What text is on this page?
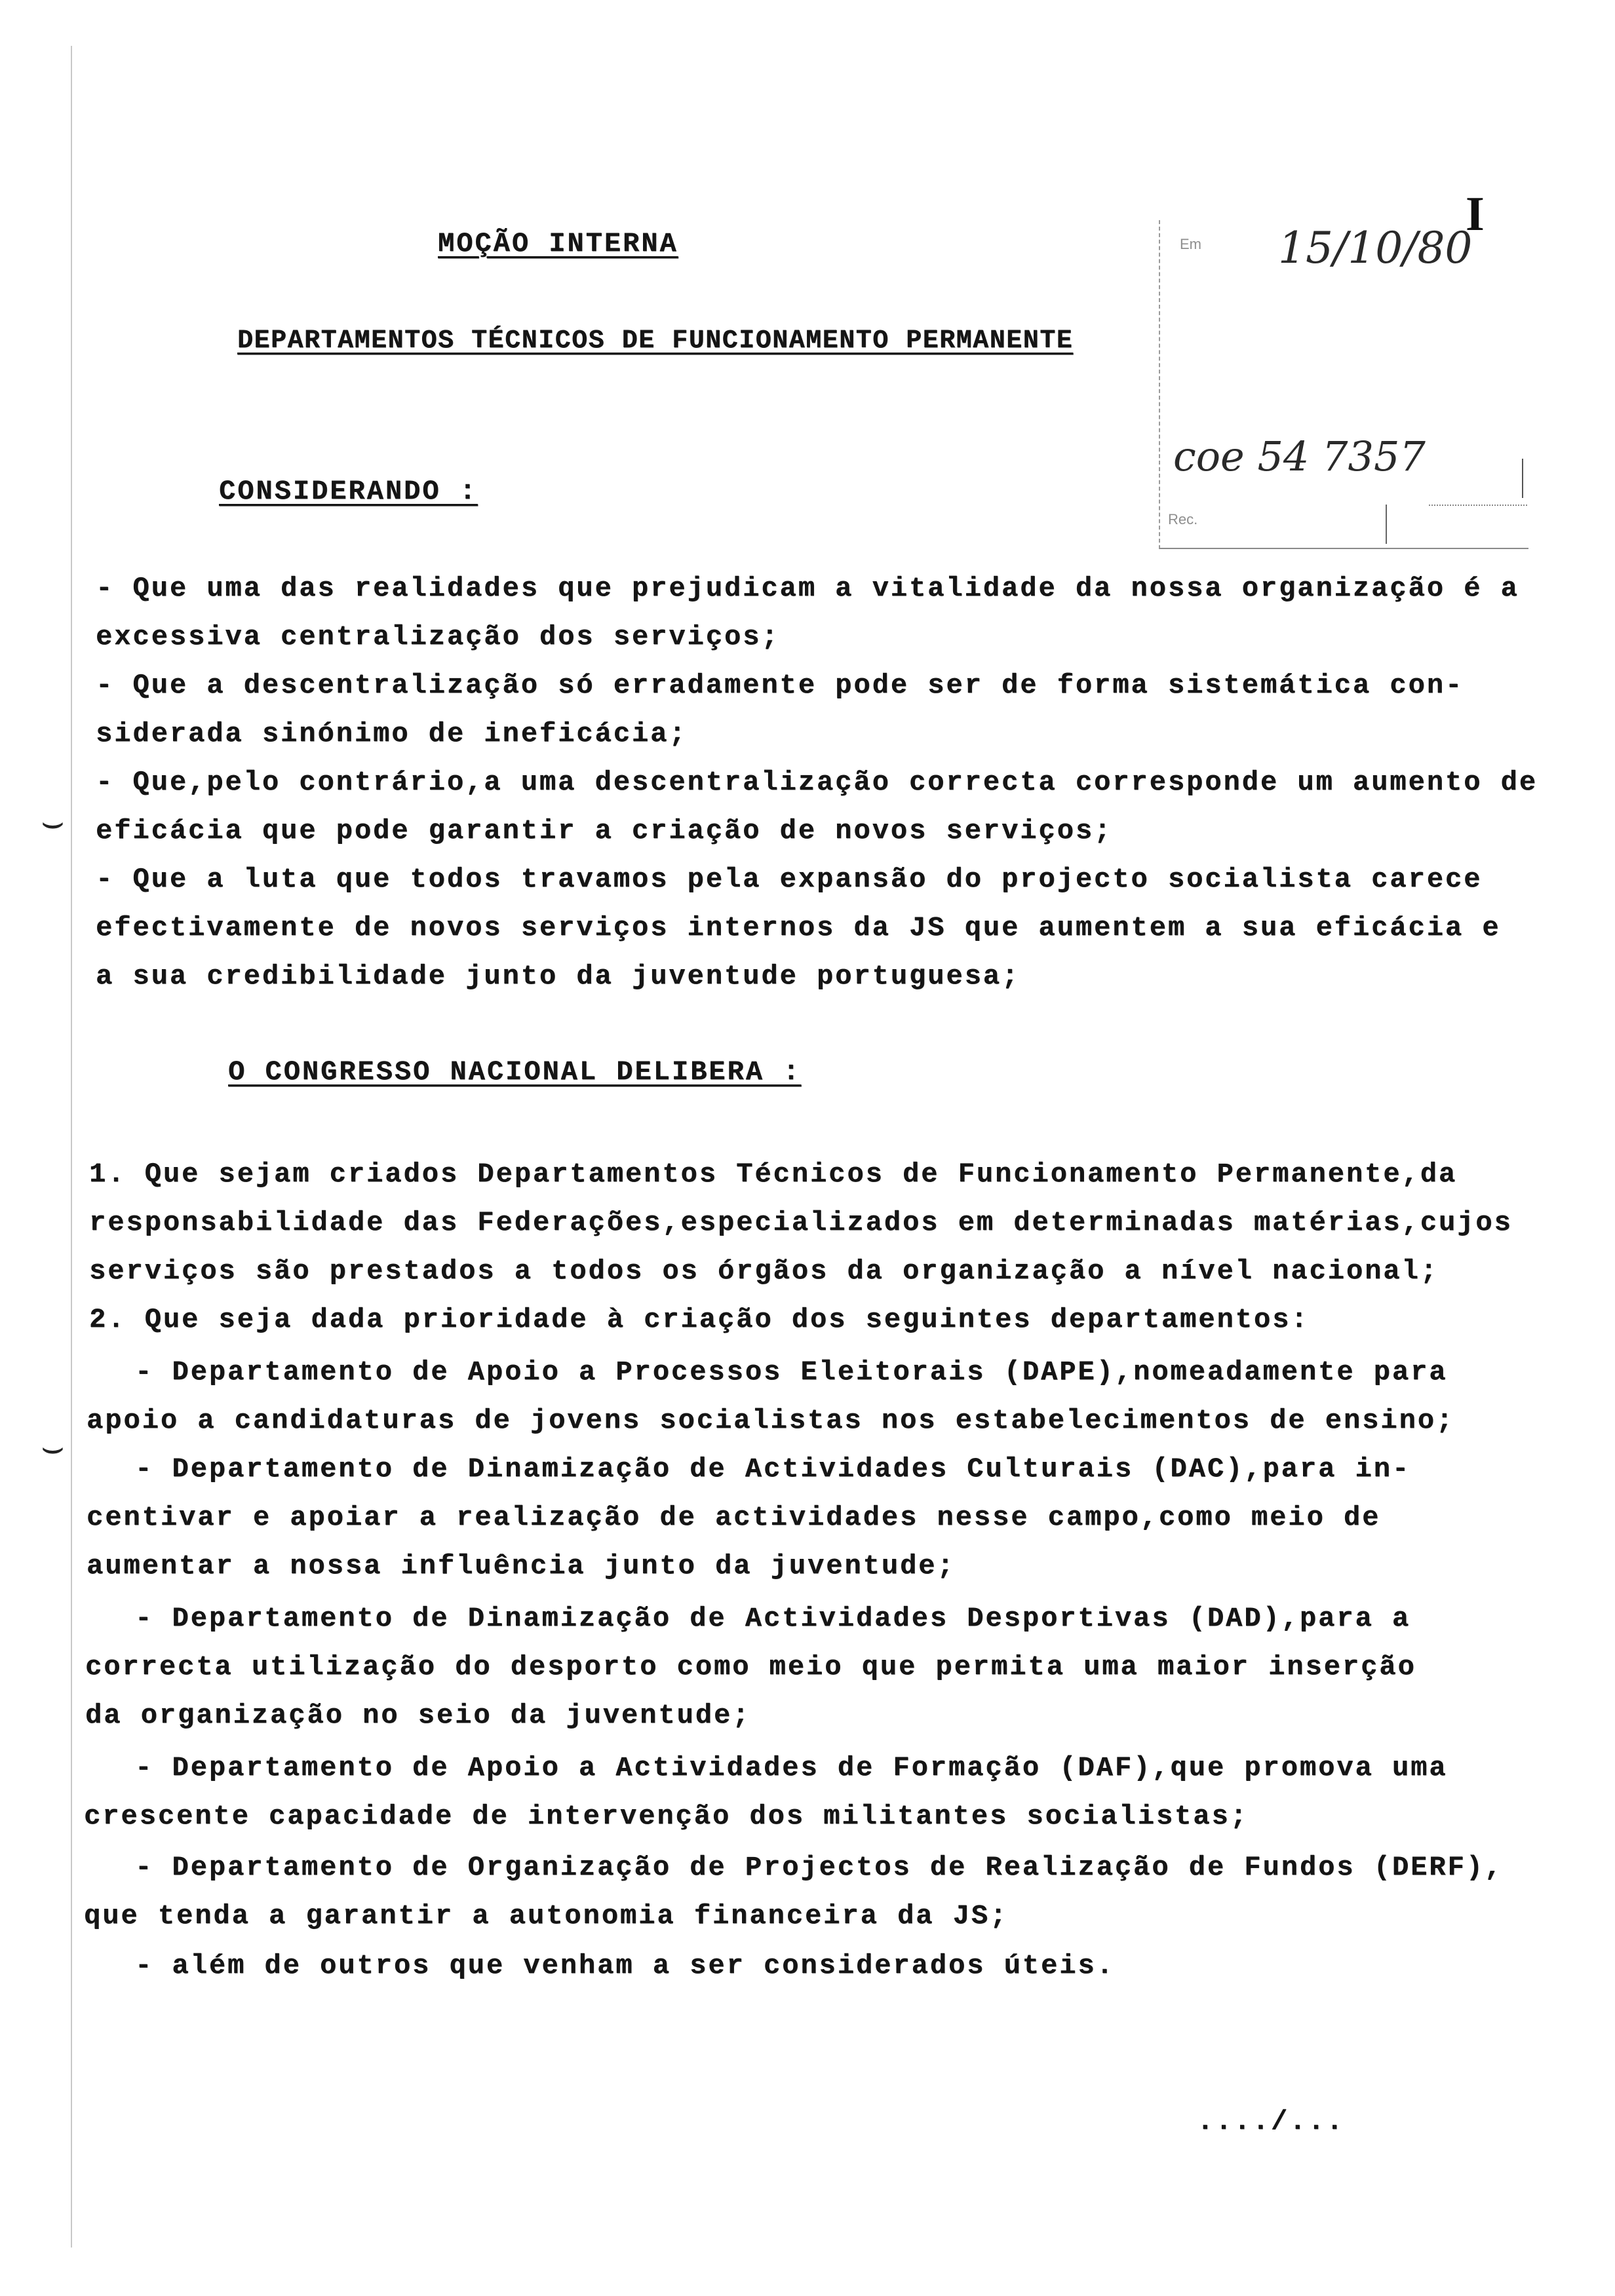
I
Em 15/10/80
coe 54 7357
Rec.
MOÇÃO INTERNA
DEPARTAMENTOS TÉCNICOS DE FUNCIONAMENTO PERMANENTE
CONSIDERANDO :
- Que uma das realidades que prejudicam a vitalidade da nossa organização é a
excessiva centralização dos serviços;
- Que a descentralização só erradamente pode ser de forma sistemática con-
siderada sinónimo de ineficácia;
- Que,pelo contrário,a uma descentralização correcta corresponde um aumento de
eficácia que pode garantir a criação de novos serviços;
- Que a luta que todos travamos pela expansão do projecto socialista carece
efectivamente de novos serviços internos da JS que aumentem a sua eficácia e
a sua credibilidade junto da juventude portuguesa;
⌣
⌣
O CONGRESSO NACIONAL DELIBERA :
1. Que sejam criados Departamentos Técnicos de Funcionamento Permanente,da
responsabilidade das Federações,especializados em determinadas matérias,cujos
serviços são prestados a todos os órgãos da organização a nível nacional;
2. Que seja dada prioridade à criação dos seguintes departamentos:
- Departamento de Apoio a Processos Eleitorais (DAPE),nomeadamente para
apoio a candidaturas de jovens socialistas nos estabelecimentos de ensino;
- Departamento de Dinamização de Actividades Culturais (DAC),para in-
centivar e apoiar a realização de actividades nesse campo,como meio de
aumentar a nossa influência junto da juventude;
- Departamento de Dinamização de Actividades Desportivas (DAD),para a
correcta utilização do desporto como meio que permita uma maior inserção
da organização no seio da juventude;
- Departamento de Apoio a Actividades de Formação (DAF),que promova uma
crescente capacidade de intervenção dos militantes socialistas;
- Departamento de Organização de Projectos de Realização de Fundos (DERF),
que tenda a garantir a autonomia financeira da JS;
- além de outros que venham a ser considerados úteis.
..../...
